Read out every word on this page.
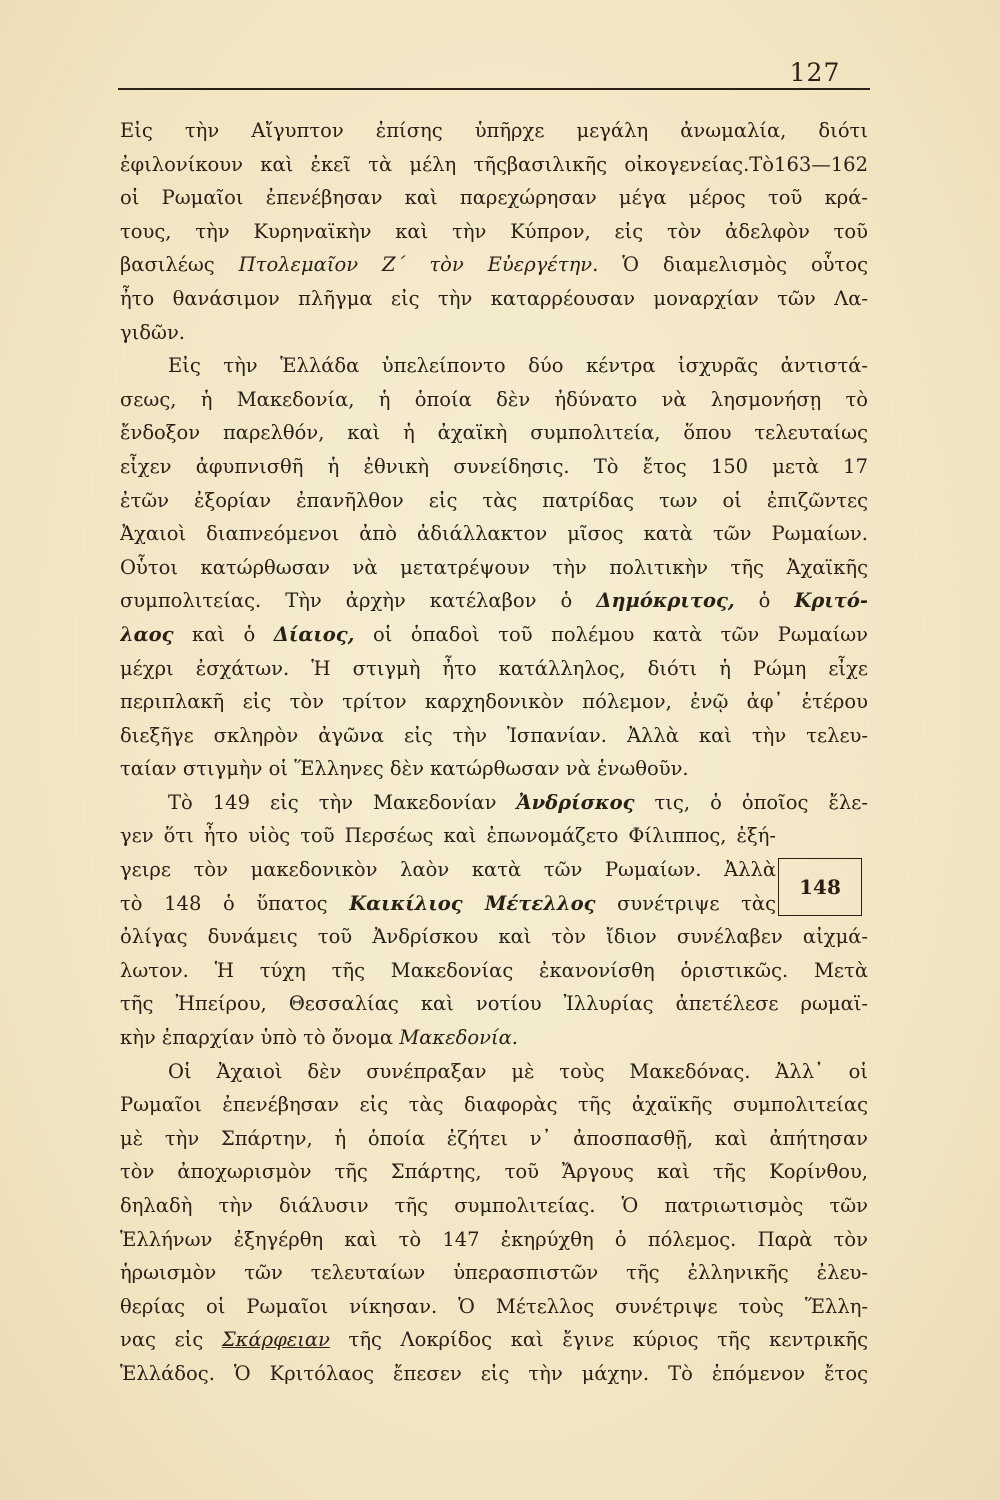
127
148
Εἰς τὴν Αἴγυπτον ἐπίσης ὑπῆρχε μεγάλη ἀνωμαλία, διότι
ἐφιλονίκουν καὶ ἐκεῖ τὰ μέλη τῆςβασιλικῆς οἰκογενείας.Τὸ163—162
οἱ Ρωμαῖοι ἐπενέβησαν καὶ παρεχώρησαν μέγα μέρος τοῦ κρά-
τους, τὴν Κυρηναϊκὴν καὶ τὴν Κύπρον, εἰς τὸν ἀδελφὸν τοῦ
βασιλέως Πτολεμαῖον Ζ΄ τὸν Εὐεργέτην. Ὁ διαμελισμὸς οὗτος
ἦτο θανάσιμον πλῆγμα εἰς τὴν καταρρέουσαν μοναρχίαν τῶν Λα-
γιδῶν.
Εἰς τὴν Ἑλλάδα ὑπελείποντο δύο κέντρα ἰσχυρᾶς ἀντιστά-
σεως, ἡ Μακεδονία, ἡ ὁποία δὲν ἠδύνατο νὰ λησμονήσῃ τὸ
ἔνδοξον παρελθόν, καὶ ἡ ἀχαϊκὴ συμπολιτεία, ὅπου τελευταίως
εἶχεν ἀφυπνισθῆ ἡ ἐθνικὴ συνείδησις. Τὸ ἔτος 150 μετὰ 17
ἐτῶν ἐξορίαν ἐπανῆλθον εἰς τὰς πατρίδας των οἱ ἐπιζῶντες
Ἀχαιοὶ διαπνεόμενοι ἀπὸ ἀδιάλλακτον μῖσος κατὰ τῶν Ρωμαίων.
Οὗτοι κατώρθωσαν νὰ μετατρέψουν τὴν πολιτικὴν τῆς Ἀχαϊκῆς
συμπολιτείας. Τὴν ἀρχὴν κατέλαβον ὁ Δημόκριτος, ὁ Κριτό-
λαος καὶ ὁ Δίαιος, οἱ ὁπαδοὶ τοῦ πολέμου κατὰ τῶν Ρωμαίων
μέχρι ἐσχάτων. Ἡ στιγμὴ ἦτο κατάλληλος, διότι ἡ Ρώμη εἶχε
περιπλακῆ εἰς τὸν τρίτον καρχηδονικὸν πόλεμον, ἐνῷ ἀφ᾽ ἑτέρου
διεξῆγε σκληρὸν ἀγῶνα εἰς τὴν Ἱσπανίαν. Ἀλλὰ καὶ τὴν τελευ-
ταίαν στιγμὴν οἱ Ἕλληνες δὲν κατώρθωσαν νὰ ἑνωθοῦν.
Τὸ 149 εἰς τὴν Μακεδονίαν Ἀνδρίσκος τις, ὁ ὁποῖος ἔλε-
γεν ὅτι ἦτο υἱὸς τοῦ Περσέως καὶ ἐπωνομάζετο Φίλιππος, ἐξή-
γειρε τὸν μακεδονικὸν λαὸν κατὰ τῶν Ρωμαίων. Ἀλλὰ
τὸ 148 ὁ ὕπατος Καικίλιος Μέτελλος συνέτριψε τὰς
ὀλίγας δυνάμεις τοῦ Ἀνδρίσκου καὶ τὸν ἴδιον συνέλαβεν αἰχμά-
λωτον. Ἡ τύχη τῆς Μακεδονίας ἐκανονίσθη ὁριστικῶς. Μετὰ
τῆς Ἠπείρου, Θεσσαλίας καὶ νοτίου Ἰλλυρίας ἀπετέλεσε ρωμαϊ-
κὴν ἐπαρχίαν ὑπὸ τὸ ὄνομα Μακεδονία.
Οἱ Ἀχαιοὶ δὲν συνέπραξαν μὲ τοὺς Μακεδόνας. Ἀλλ᾽ οἱ
Ρωμαῖοι ἐπενέβησαν εἰς τὰς διαφορὰς τῆς ἀχαϊκῆς συμπολιτείας
μὲ τὴν Σπάρτην, ἡ ὁποία ἐζήτει ν᾽ ἀποσπασθῇ, καὶ ἀπήτησαν
τὸν ἀποχωρισμὸν τῆς Σπάρτης, τοῦ Ἄργους καὶ τῆς Κορίνθου,
δηλαδὴ τὴν διάλυσιν τῆς συμπολιτείας. Ὁ πατριωτισμὸς τῶν
Ἑλλήνων ἐξηγέρθη καὶ τὸ 147 ἐκηρύχθη ὁ πόλεμος. Παρὰ τὸν
ἡρωισμὸν τῶν τελευταίων ὑπερασπιστῶν τῆς ἐλληνικῆς ἐλευ-
θερίας οἱ Ρωμαῖοι νίκησαν. Ὁ Μέτελλος συνέτριψε τοὺς Ἕλλη-
νας εἰς Σκάρφειαν τῆς Λοκρίδος καὶ ἔγινε κύριος τῆς κεντρικῆς
Ἑλλάδος. Ὁ Κριτόλαος ἔπεσεν εἰς τὴν μάχην. Τὸ ἑπόμενον ἔτος
